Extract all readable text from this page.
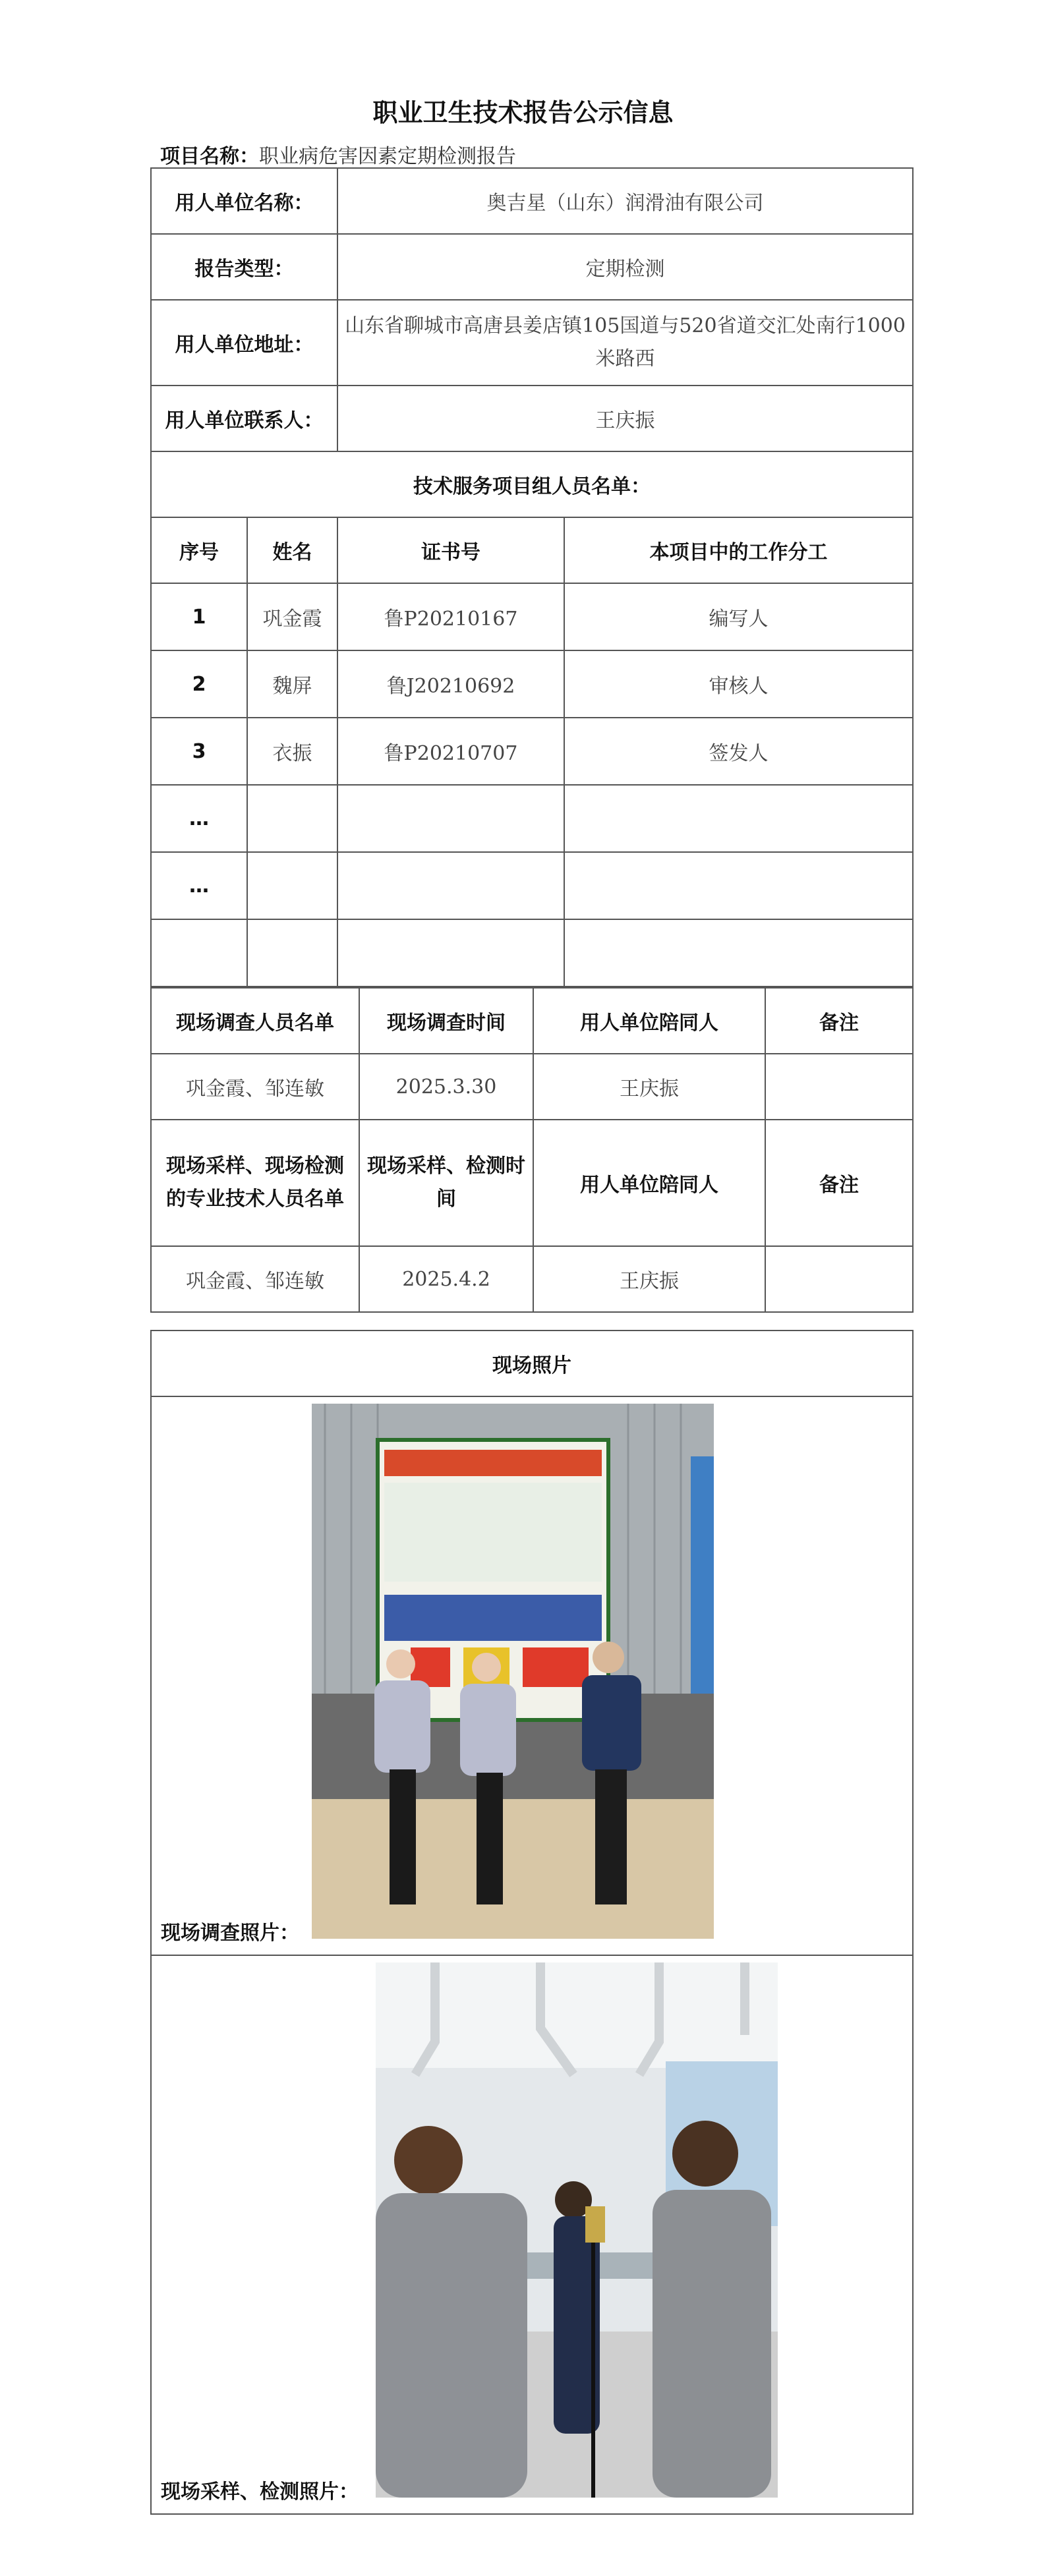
职业卫生技术报告公示信息
项目名称：职业病危害因素定期检测报告
用人单位名称：		奥吉星（山东）润滑油有限公司	
报告类型：		定期检测	
用人单位地址：		山东省聊城市高唐县姜店镇105国道与520省道交汇处南行1000米路西	
用人单位联系人：		王庆振	
技术服务项目组人员名单：			
序号	姓名	证书号	本项目中的工作分工
1	巩金霞	鲁P20210167	编写人
2	魏屏	鲁J20210692	审核人
3	衣振	鲁P20210707	签发人
…			
…			

现场调查人员名单	现场调查时间	用人单位陪同人	备注
巩金霞、邹连敏	2025.3.30	王庆振	
现场采样、现场检测的专业技术人员名单	现场采样、检测时间	用人单位陪同人	备注
巩金霞、邹连敏	2025.4.2	王庆振	
现场照片

现场调查照片：

现场采样、检测照片：
